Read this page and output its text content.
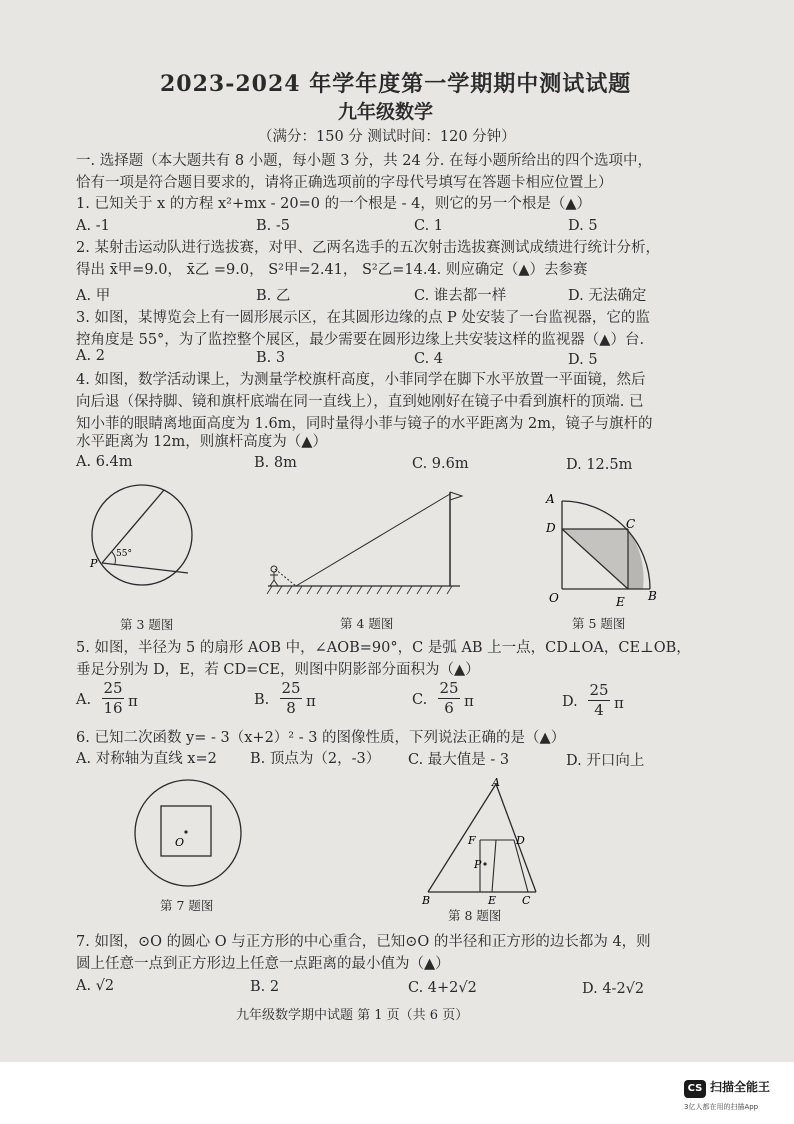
2023-2024 年学年度第一学期期中测试试题
九年级数学
（满分：150 分 测试时间：120 分钟）
一. 选择题（本大题共有 8 小题，每小题 3 分，共 24 分. 在每小题所给出的四个选项中，
恰有一项是符合题目要求的，请将正确选项前的字母代号填写在答题卡相应位置上）
1. 已知关于 x 的方程 x²+mx - 20=0 的一个根是 - 4，则它的另一个根是（▲）
A. -1	B. -5	C. 1	D. 5
2. 某射击运动队进行选拔赛，对甲、乙两名选手的五次射击选拔赛测试成绩进行统计分析，
得出 x̄甲=9.0， x̄乙 =9.0， S²甲=2.41， S²乙=14.4. 则应确定（▲）去参赛
A. 甲	B. 乙	C. 谁去都一样	D. 无法确定
3. 如图，某博览会上有一圆形展示区，在其圆形边缘的点 P 处安装了一台监视器，它的监
控角度是 55°，为了监控整个展区，最少需要在圆形边缘上共安装这样的监视器（▲）台.
A. 2	B. 3	C. 4	D. 5
4. 如图，数学活动课上，为测量学校旗杆高度，小菲同学在脚下水平放置一平面镜，然后
向后退（保持脚、镜和旗杆底端在同一直线上），直到她刚好在镜子中看到旗杆的顶端. 已
知小菲的眼睛离地面高度为 1.6m，同时量得小菲与镜子的水平距离为 2m，镜子与旗杆的
水平距离为 12m，则旗杆高度为（▲）
A. 6.4m	B. 8m	C. 9.6m	D. 12.5m
55°
P
第 3 题图	第 4 题图
A
D	C
O	E B
第 5 题图
5. 如图，半径为 5 的扇形 AOB 中，∠AOB=90°，C 是弧 AB 上一点，CD⊥OA，CE⊥OB，
垂足分别为 D，E，若 CD=CE，则图中阴影部分面积为（▲）
A.
25
16 π	B.
25
8 π	C.
25
6 π	D.
25
4 π
6. 已知二次函数 y= - 3（x+2）² - 3 的图像性质，下列说法正确的是（▲）
A. 对称轴为直线 x=2 B. 顶点为（2，-3） C. 最大值是 - 3	D. 开口向上
O
第 7 题图
A
F	D
P
B	E C
第 8 题图
7. 如图，⊙O 的圆心 O 与正方形的中心重合，已知⊙O 的半径和正方形的边长都为 4，则
圆上任意一点到正方形边上任意一点距离的最小值为（▲）
A. √2	B. 2	C. 4+2√2	D. 4-2√2
九年级数学期中试题 第 1 页（共 6 页）
CS 扫描全能王
3亿人都在用的扫描App
